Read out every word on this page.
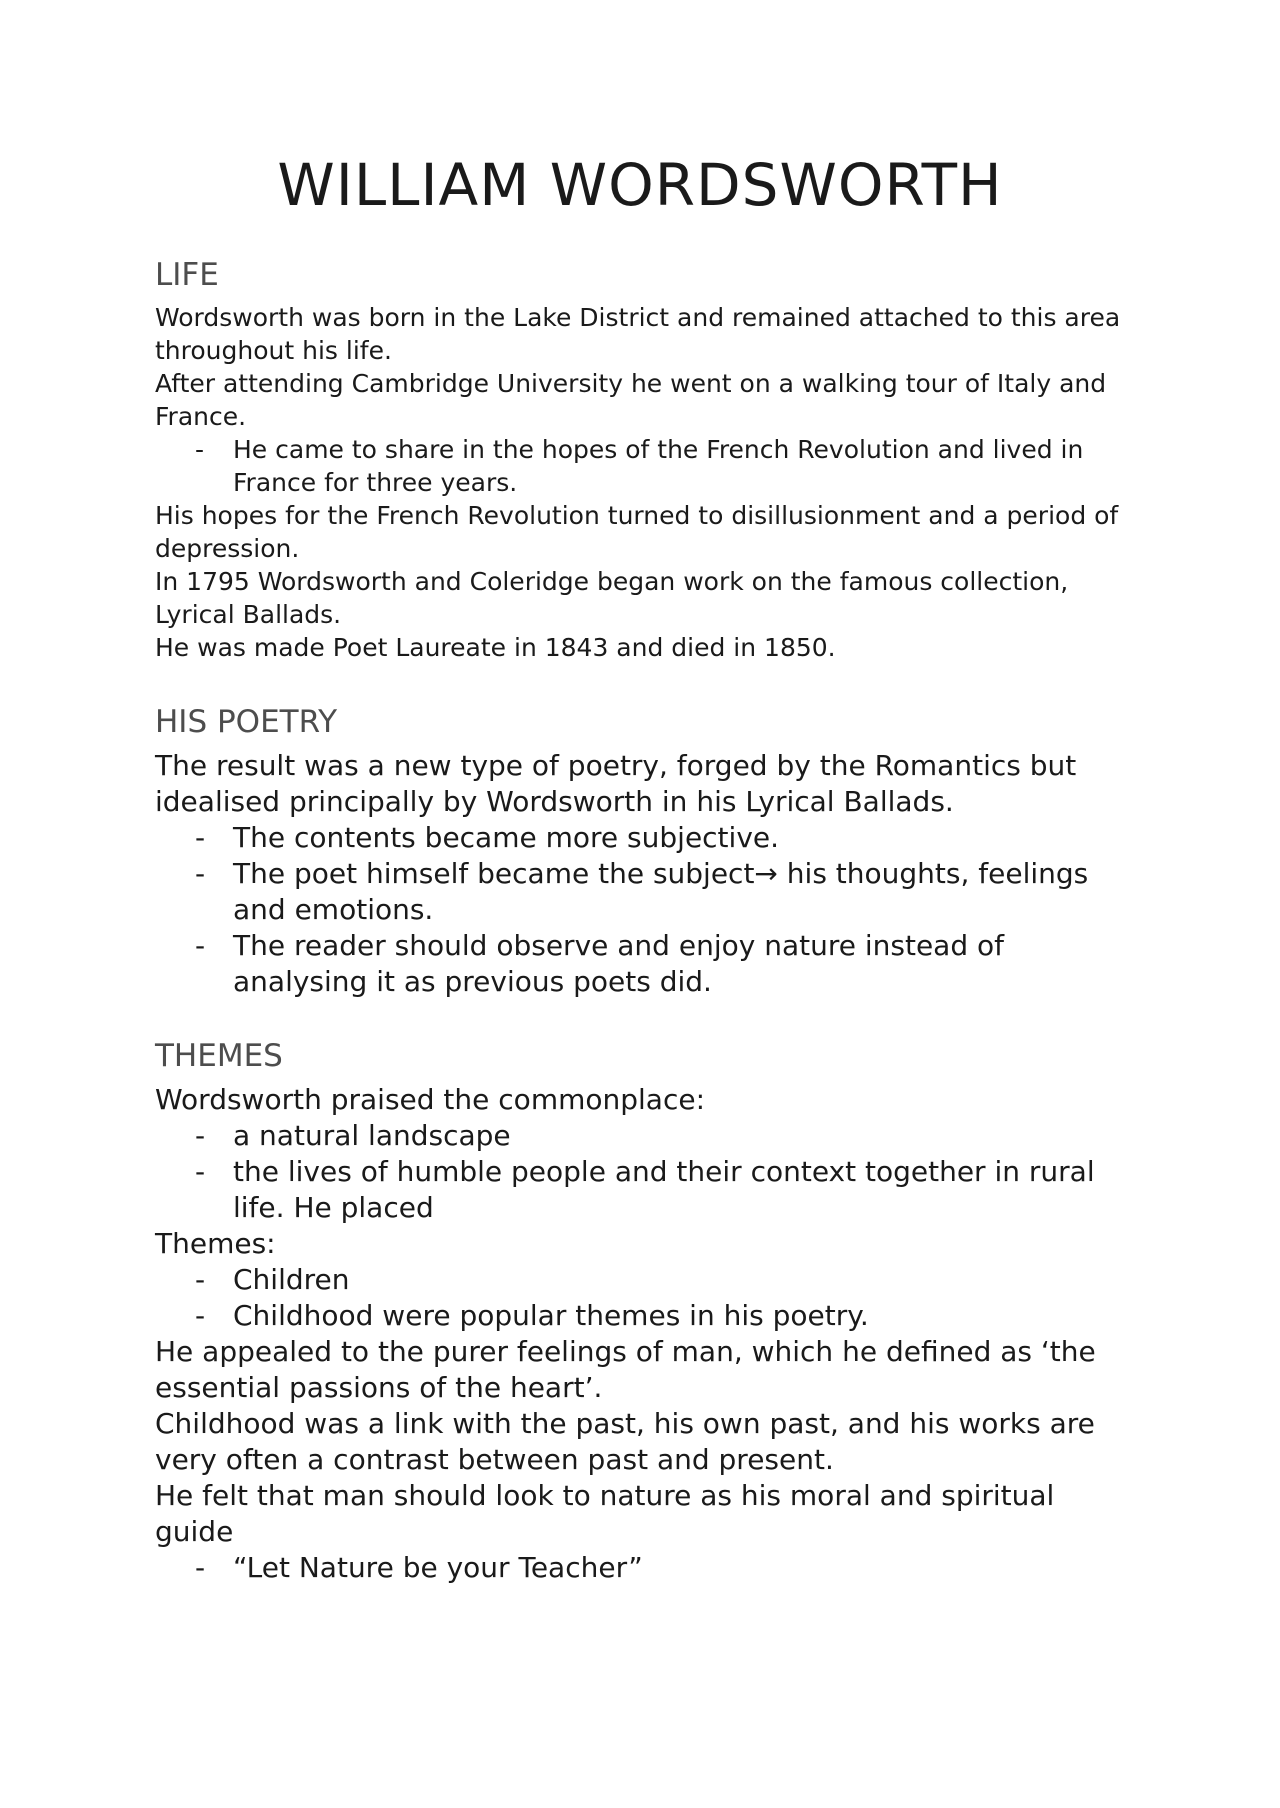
WILLIAM WORDSWORTH
LIFE

Wordsworth was born in the Lake District and remained attached to this area throughout his life.

After attending Cambridge University he went on a walking tour of Italy and France.

- He came to share in the hopes of the French Revolution and lived in France for three years.

His hopes for the French Revolution turned to disillusionment and a period of depression.

In 1795 Wordsworth and Coleridge began work on the famous collection, Lyrical Ballads.

He was made Poet Laureate in 1843 and died in 1850.

HIS POETRY

The result was a new type of poetry, forged by the Romantics but idealised principally by Wordsworth in his Lyrical Ballads.

- The contents became more subjective.
- The poet himself became the subject→ his thoughts, feelings and emotions.
- The reader should observe and enjoy nature instead of analysing it as previous poets did.
THEMES

Wordsworth praised the commonplace:

- a natural landscape
- the lives of humble people and their context together in rural life. He placed

Themes:

- Children
- Childhood were popular themes in his poetry.

He appealed to the purer feelings of man, which he defined as ‘the essential passions of the heart’.

Childhood was a link with the past, his own past, and his works are very often a contrast between past and present.

He felt that man should look to nature as his moral and spiritual guide

- “Let Nature be your Teacher”
